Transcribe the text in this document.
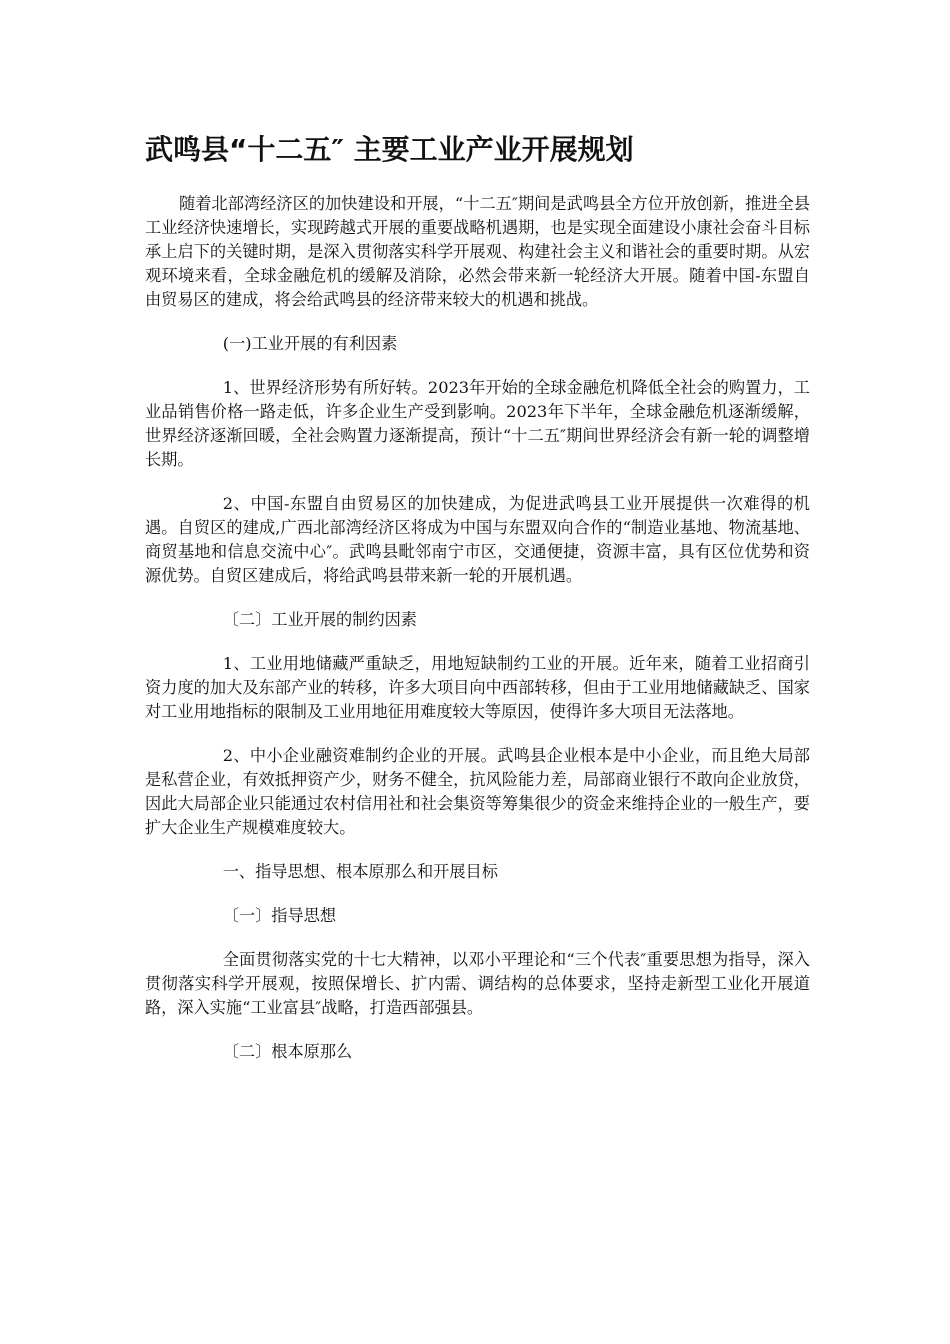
武鸣县“十二五″ 主要工业产业开展规划

随着北部湾经济区的加快建设和开展，“十二五″期间是武鸣县全方位开放创新，推进全县工业经济快速增长，实现跨越式开展的重要战略机遇期，也是实现全面建设小康社会奋斗目标承上启下的关键时期，是深入贯彻落实科学开展观、构建社会主义和谐社会的重要时期。从宏观环境来看，全球金融危机的缓解及消除，必然会带来新一轮经济大开展。随着中国-东盟自由贸易区的建成，将会给武鸣县的经济带来较大的机遇和挑战。

(一)工业开展的有利因素

1、世界经济形势有所好转。2023年开始的全球金融危机降低全社会的购置力，工业品销售价格一路走低，许多企业生产受到影响。2023年下半年，全球金融危机逐渐缓解，世界经济逐渐回暖，全社会购置力逐渐提高，预计“十二五″期间世界经济会有新一轮的调整增长期。

2、中国-东盟自由贸易区的加快建成，为促进武鸣县工业开展提供一次难得的机遇。自贸区的建成,广西北部湾经济区将成为中国与东盟双向合作的“制造业基地、物流基地、商贸基地和信息交流中心″。武鸣县毗邻南宁市区，交通便捷，资源丰富，具有区位优势和资源优势。自贸区建成后，将给武鸣县带来新一轮的开展机遇。

〔二〕工业开展的制约因素

1、工业用地储藏严重缺乏，用地短缺制约工业的开展。近年来，随着工业招商引资力度的加大及东部产业的转移，许多大项目向中西部转移，但由于工业用地储藏缺乏、国家对工业用地指标的限制及工业用地征用难度较大等原因，使得许多大项目无法落地。

2、中小企业融资难制约企业的开展。武鸣县企业根本是中小企业，而且绝大局部是私营企业，有效抵押资产少，财务不健全，抗风险能力差，局部商业银行不敢向企业放贷，因此大局部企业只能通过农村信用社和社会集资等筹集很少的资金来维持企业的一般生产，要扩大企业生产规模难度较大。

一、指导思想、根本原那么和开展目标
〔一〕指导思想

全面贯彻落实党的十七大精神，以邓小平理论和“三个代表″重要思想为指导，深入贯彻落实科学开展观，按照保增长、扩内需、调结构的总体要求，坚持走新型工业化开展道路，深入实施“工业富县″战略，打造西部强县。

〔二〕根本原那么
